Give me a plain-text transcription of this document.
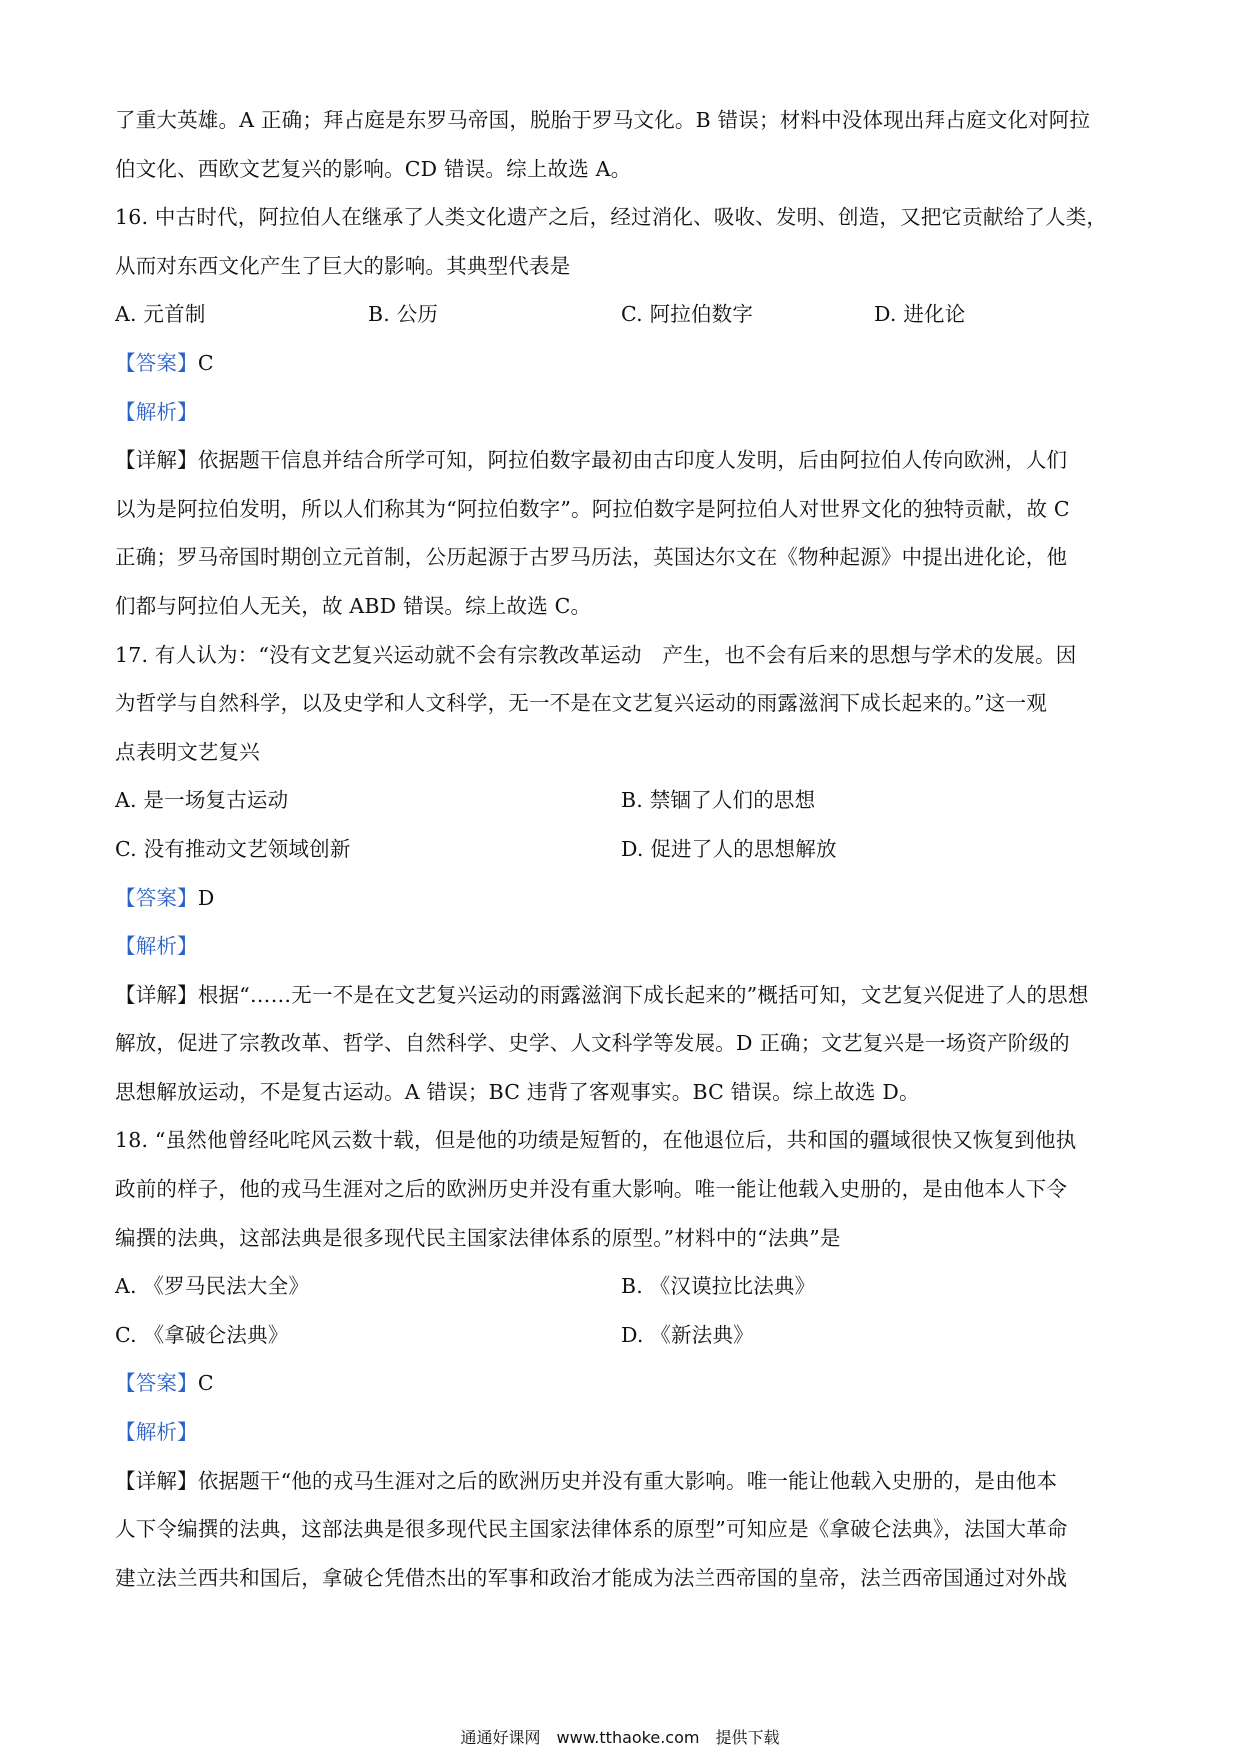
了重大英雄。A 正确；拜占庭是东罗马帝国，脱胎于罗马文化。B 错误；材料中没体现出拜占庭文化对阿拉
伯文化、西欧文艺复兴的影响。CD 错误。综上故选 A。
16. 中古时代，阿拉伯人在继承了人类文化遗产之后，经过消化、吸收、发明、创造，又把它贡献给了人类，
从而对东西文化产生了巨大的影响。其典型代表是
A. 元首制	B. 公历	C. 阿拉伯数字	D. 进化论
【答案】C
【解析】
【详解】依据题干信息并结合所学可知，阿拉伯数字最初由古印度人发明，后由阿拉伯人传向欧洲，人们
以为是阿拉伯发明，所以人们称其为“阿拉伯数字”。阿拉伯数字是阿拉伯人对世界文化的独特贡献，故 C
正确；罗马帝国时期创立元首制，公历起源于古罗马历法，英国达尔文在《物种起源》中提出进化论，他
们都与阿拉伯人无关，故 ABD 错误。综上故选 C。
17. 有人认为：“没有文艺复兴运动就不会有宗教改革运动　产生，也不会有后来的思想与学术的发展。因
为哲学与自然科学，以及史学和人文科学，无一不是在文艺复兴运动的雨露滋润下成长起来的。”这一观
点表明文艺复兴
A. 是一场复古运动	B. 禁锢了人们的思想
C. 没有推动文艺领域创新	D. 促进了人的思想解放
【答案】D
【解析】
【详解】根据“……无一不是在文艺复兴运动的雨露滋润下成长起来的”概括可知，文艺复兴促进了人的思想
解放，促进了宗教改革、哲学、自然科学、史学、人文科学等发展。D 正确；文艺复兴是一场资产阶级的
思想解放运动，不是复古运动。A 错误；BC 违背了客观事实。BC 错误。综上故选 D。
18. “虽然他曾经叱咤风云数十载，但是他的功绩是短暂的，在他退位后，共和国的疆域很快又恢复到他执
政前的样子，他的戎马生涯对之后的欧洲历史并没有重大影响。唯一能让他载入史册的，是由他本人下令
编撰的法典，这部法典是很多现代民主国家法律体系的原型。”材料中的“法典”是
A. 《罗马民法大全》	B. 《汉谟拉比法典》
C. 《拿破仑法典》	D. 《新法典》
【答案】C
【解析】
【详解】依据题干“他的戎马生涯对之后的欧洲历史并没有重大影响。唯一能让他载入史册的，是由他本
人下令编撰的法典，这部法典是很多现代民主国家法律体系的原型”可知应是《拿破仑法典》，法国大革命
建立法兰西共和国后，拿破仑凭借杰出的军事和政治才能成为法兰西帝国的皇帝，法兰西帝国通过对外战
通通好课网　www.tthaoke.com　提供下载
